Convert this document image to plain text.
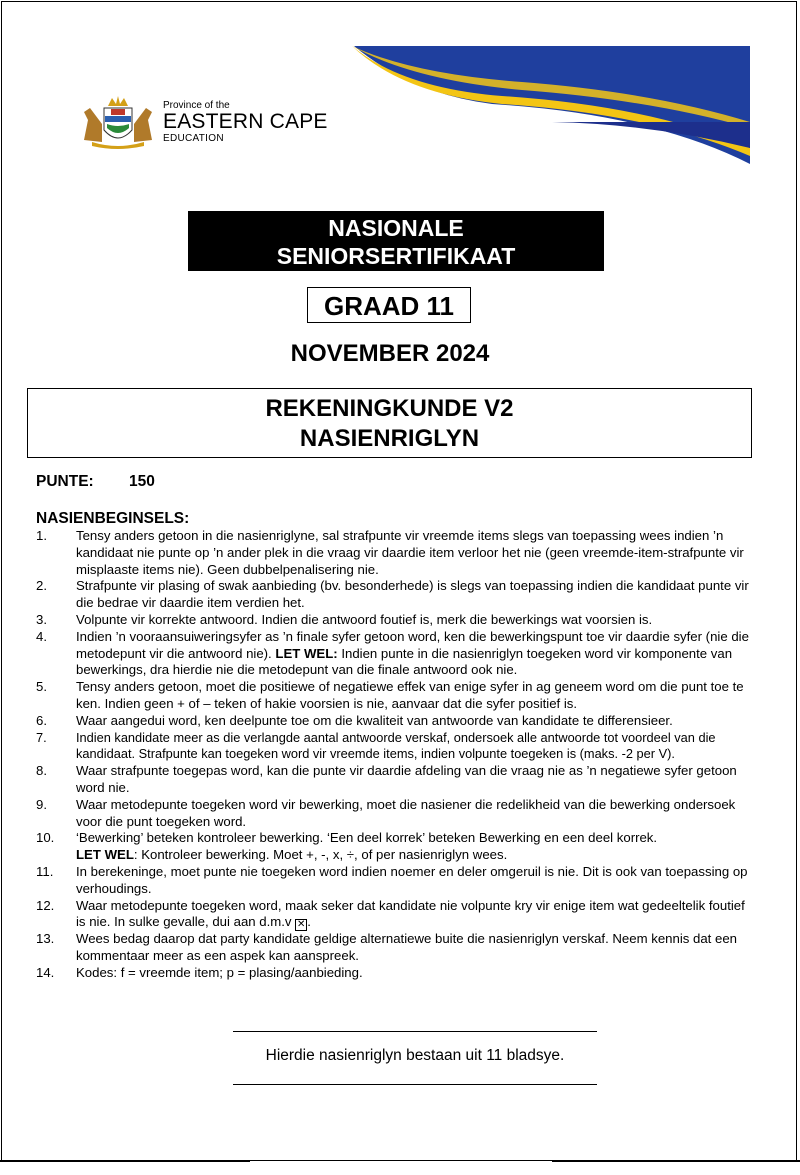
Province of the
EASTERN CAPE
EDUCATION
Iphondo leMpuma Kapa: Isebe leMfundo
Provinsie van die Oos Kaap: Department van Onderwys
Porafensie Ya Kapa Botjahabela: Lefapha la Thuto
NASIONALE
SENIORSERTIFIKAAT
GRAAD 11
NOVEMBER 2024
REKENINGKUNDE V2
NASIENRIGLYN
PUNTE: 150
NASIENBEGINSELS:
1. Tensy anders getoon in die nasienriglyne, sal strafpunte vir vreemde items slegs van toepassing wees indien ’n kandidaat nie punte op ’n ander plek in die vraag vir daardie item verloor het nie (geen vreemde-item-strafpunte vir misplaaste items nie). Geen dubbelpenalisering nie.
2. Strafpunte vir plasing of swak aanbieding (bv. besonderhede) is slegs van toepassing indien die kandidaat punte vir die bedrae vir daardie item verdien het.
3. Volpunte vir korrekte antwoord. Indien die antwoord foutief is, merk die bewerkings wat voorsien is.
4. Indien ’n vooraansuiweringsyfer as ’n finale syfer getoon word, ken die bewerkingspunt toe vir daardie syfer (nie die metodepunt vir die antwoord nie). LET WEL: Indien punte in die nasienriglyn toegeken word vir komponente van bewerkings, dra hierdie nie die metodepunt van die finale antwoord ook nie.
5. Tensy anders getoon, moet die positiewe of negatiewe effek van enige syfer in ag geneem word om die punt toe te ken. Indien geen + of – teken of hakie voorsien is nie, aanvaar dat die syfer positief is.
6. Waar aangedui word, ken deelpunte toe om die kwaliteit van antwoorde van kandidate te differensieer.
7. Indien kandidate meer as die verlangde aantal antwoorde verskaf, ondersoek alle antwoorde tot voordeel van die kandidaat. Strafpunte kan toegeken word vir vreemde items, indien volpunte toegeken is (maks. -2 per V).
8. Waar strafpunte toegepas word, kan die punte vir daardie afdeling van die vraag nie as ’n negatiewe syfer getoon word nie.
9. Waar metodepunte toegeken word vir bewerking, moet die nasiener die redelikheid van die bewerking ondersoek voor die punt toegeken word.
10. ‘Bewerking’ beteken kontroleer bewerking. ‘Een deel korrek’ beteken Bewerking en een deel korrek.
LET WEL: Kontroleer bewerking. Moet +, -, x, ÷, of per nasienriglyn wees.
11. In berekeninge, moet punte nie toegeken word indien noemer en deler omgeruil is nie. Dit is ook van toepassing op verhoudings.
12. Waar metodepunte toegeken word, maak seker dat kandidate nie volpunte kry vir enige item wat gedeeltelik foutief is nie. In sulke gevalle, dui aan d.m.v ✕ .
13. Wees bedag daarop dat party kandidate geldige alternatiewe buite die nasienriglyn verskaf. Neem kennis dat een kommentaar meer as een aspek kan aanspreek.
14. Kodes: f = vreemde item; p = plasing/aanbieding.
Hierdie nasienriglyn bestaan uit 11 bladsye.
